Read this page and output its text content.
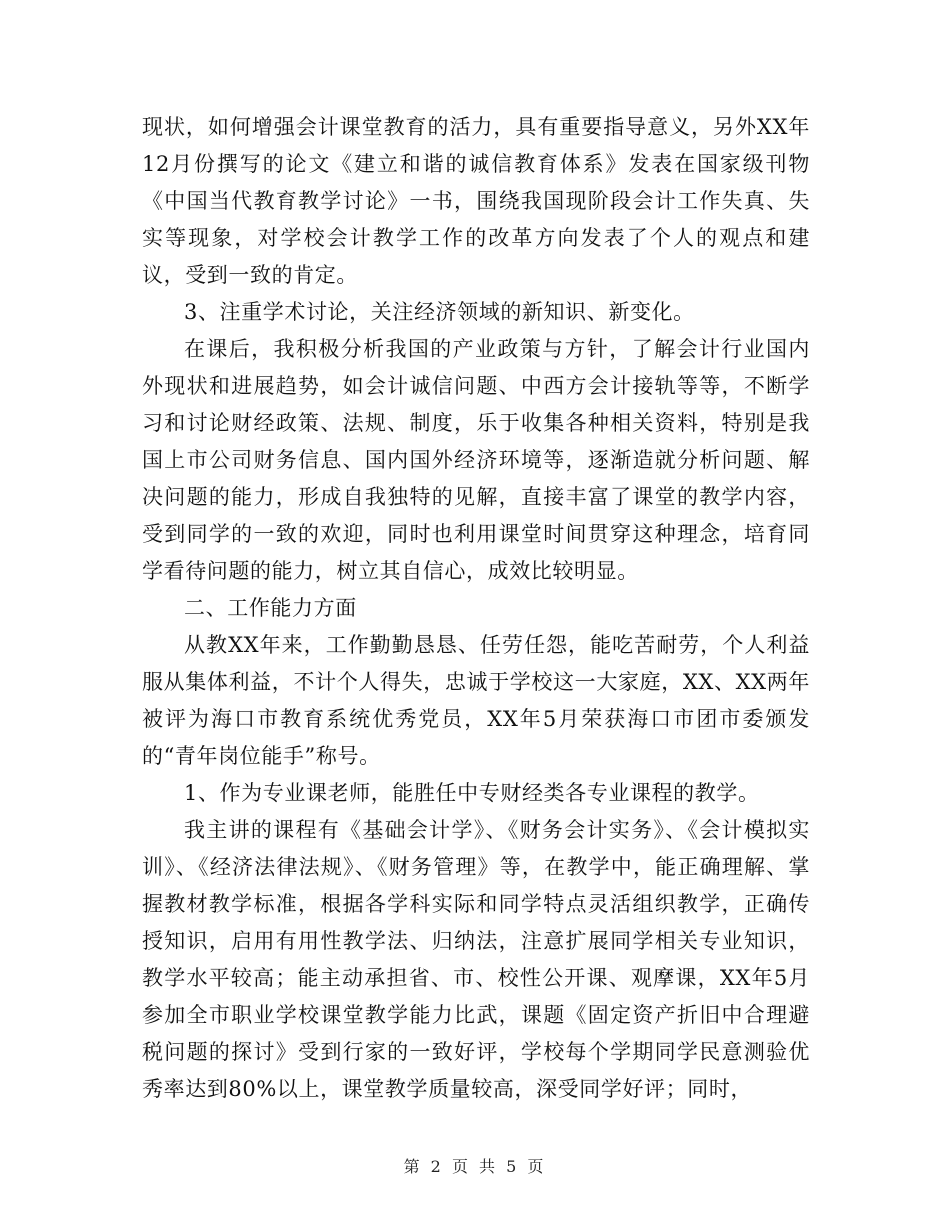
现状，如何增强会计课堂教育的活力，具有重要指导意义，另外XX年12月份撰写的论文《建立和谐的诚信教育体系》发表在国家级刊物《中国当代教育教学讨论》一书，围绕我国现阶段会计工作失真、失实等现象，对学校会计教学工作的改革方向发表了个人的观点和建议，受到一致的肯定。

3、注重学术讨论，关注经济领域的新知识、新变化。

在课后，我积极分析我国的产业政策与方针，了解会计行业国内外现状和进展趋势，如会计诚信问题、中西方会计接轨等等，不断学习和讨论财经政策、法规、制度，乐于收集各种相关资料，特别是我国上市公司财务信息、国内国外经济环境等，逐渐造就分析问题、解决问题的能力，形成自我独特的见解，直接丰富了课堂的教学内容，受到同学的一致的欢迎，同时也利用课堂时间贯穿这种理念，培育同学看待问题的能力，树立其自信心，成效比较明显。

二、工作能力方面

从教XX年来，工作勤勤恳恳、任劳任怨，能吃苦耐劳，个人利益服从集体利益，不计个人得失，忠诚于学校这一大家庭，XX、XX两年被评为海口市教育系统优秀党员，XX年5月荣获海口市团市委颁发的“青年岗位能手”称号。

1、作为专业课老师，能胜任中专财经类各专业课程的教学。

我主讲的课程有《基础会计学》、《财务会计实务》、《会计模拟实训》、《经济法律法规》、《财务管理》等，在教学中，能正确理解、掌握教材教学标准，根据各学科实际和同学特点灵活组织教学，正确传授知识，启用有用性教学法、归纳法，注意扩展同学相关专业知识，教学水平较高；能主动承担省、市、校性公开课、观摩课，XX年5月参加全市职业学校课堂教学能力比武，课题《固定资产折旧中合理避税问题的探讨》受到行家的一致好评，学校每个学期同学民意测验优秀率达到80%以上，课堂教学质量较高，深受同学好评；同时，

第 2 页 共 5 页
